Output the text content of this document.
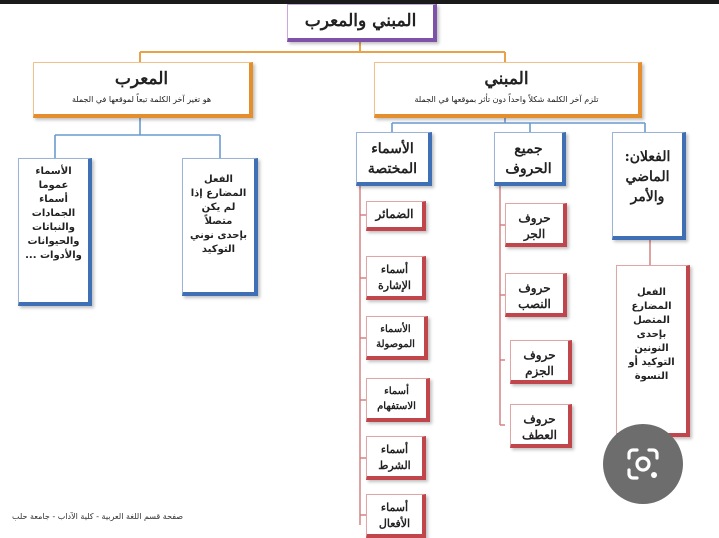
المبني والمعرب
المعرب
هو تغير آخر الكلمة تبعاً لموقعها في الجملة
المبني
تلزم آخر الكلمة شكلاً واحداً دون تأثر بموقعها في الجملة
الأسماء عموما أسماء الجمادات والنباتات والحيوانات والأدوات ...
الفعل المضارع إذا لم يكن متصلاً بإحدى نوني التوكيد
الأسماء المختصة
جميع الحروف
الفعلان: الماضي والأمر
الفعل المضارع المتصل بإحدى النونين التوكيد أو النسوة
حروف الجر
حروف النصب
حروف الجزم
حروف العطف
الضمائر
أسماء الإشارة
الأسماء الموصولة
أسماء الاستفهام
أسماء الشرط
أسماء الأفعال
صفحة قسم اللغة العربية - كلية الآداب - جامعة حلب
